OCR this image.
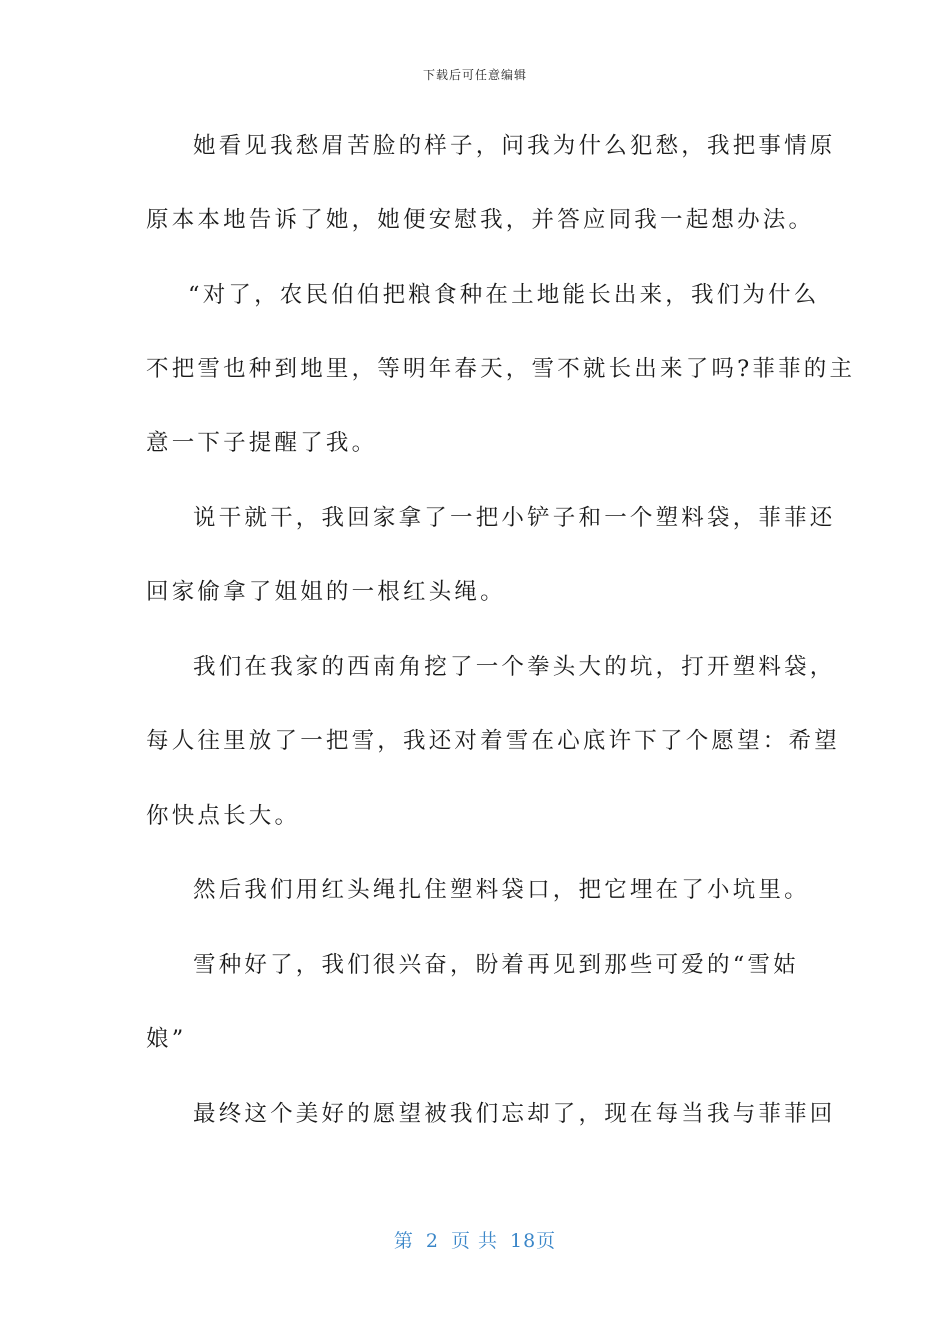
下载后可任意编辑
她看见我愁眉苦脸的样子，问我为什么犯愁，我把事情原
原本本地告诉了她，她便安慰我，并答应同我一起想办法。
“对了，农民伯伯把粮食种在土地能长出来，我们为什么
不把雪也种到地里，等明年春天，雪不就长出来了吗?菲菲的主
意一下子提醒了我。
说干就干，我回家拿了一把小铲子和一个塑料袋，菲菲还
回家偷拿了姐姐的一根红头绳。
我们在我家的西南角挖了一个拳头大的坑，打开塑料袋，
每人往里放了一把雪，我还对着雪在心底许下了个愿望：希望
你快点长大。
然后我们用红头绳扎住塑料袋口，把它埋在了小坑里。
雪种好了，我们很兴奋，盼着再见到那些可爱的“雪姑
娘”
最终这个美好的愿望被我们忘却了，现在每当我与菲菲回
第 2 页 共 18页
